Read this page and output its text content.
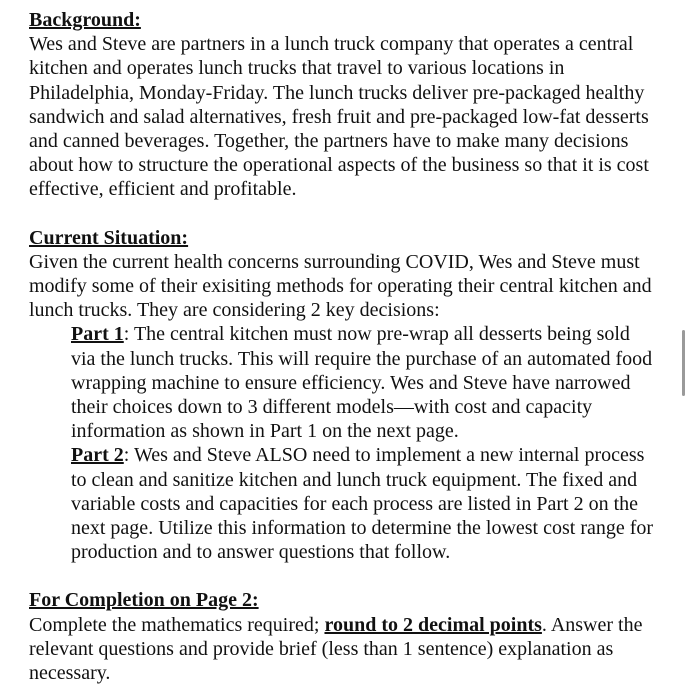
Background:

Wes and Steve are partners in a lunch truck company that operates a central kitchen and operates lunch trucks that travel to various locations in Philadelphia, Monday-Friday. The lunch trucks deliver pre-packaged healthy sandwich and salad alternatives, fresh fruit and pre-packaged low-fat desserts and canned beverages. Together, the partners have to make many decisions about how to structure the operational aspects of the business so that it is cost effective, efficient and profitable.

Current Situation:

Given the current health concerns surrounding COVID, Wes and Steve must modify some of their exisiting methods for operating their central kitchen and lunch trucks. They are considering 2 key decisions:

Part 1: The central kitchen must now pre-wrap all desserts being sold via the lunch trucks. This will require the purchase of an automated food wrapping machine to ensure efficiency. Wes and Steve have narrowed their choices down to 3 different models—with cost and capacity information as shown in Part 1 on the next page.

Part 2: Wes and Steve ALSO need to implement a new internal process to clean and sanitize kitchen and lunch truck equipment. The fixed and variable costs and capacities for each process are listed in Part 2 on the next page. Utilize this information to determine the lowest cost range for production and to answer questions that follow.

For Completion on Page 2:

Complete the mathematics required; round to 2 decimal points. Answer the relevant questions and provide brief (less than 1 sentence) explanation as necessary.
